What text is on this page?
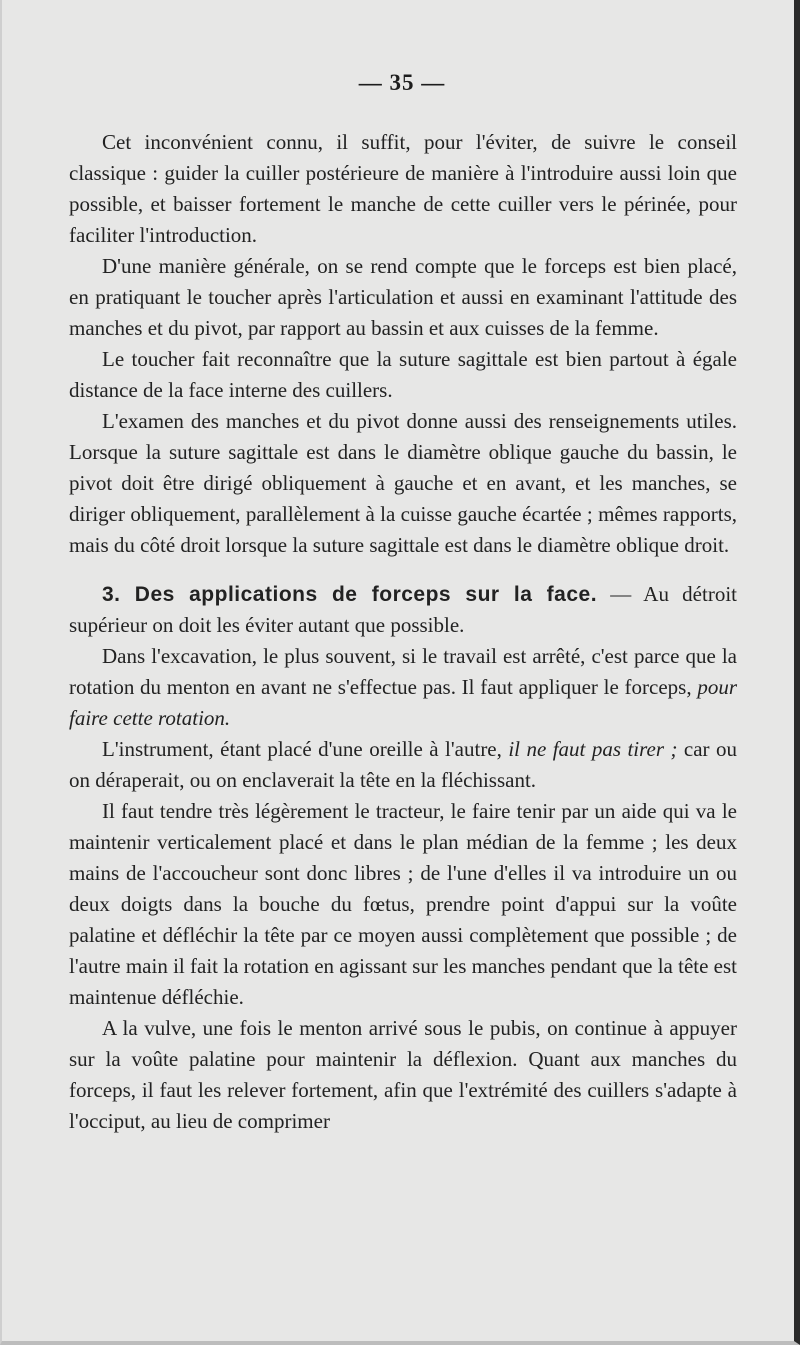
— 35 —

Cet inconvénient connu, il suffit, pour l'éviter, de suivre le conseil classique : guider la cuiller postérieure de manière à l'introduire aussi loin que possible, et baisser fortement le manche de cette cuiller vers le périnée, pour faciliter l'introduction.

D'une manière générale, on se rend compte que le forceps est bien placé, en pratiquant le toucher après l'articulation et aussi en examinant l'attitude des manches et du pivot, par rapport au bassin et aux cuisses de la femme.

Le toucher fait reconnaître que la suture sagittale est bien partout à égale distance de la face interne des cuillers.

L'examen des manches et du pivot donne aussi des renseignements utiles. Lorsque la suture sagittale est dans le diamètre oblique gauche du bassin, le pivot doit être dirigé obliquement à gauche et en avant, et les manches, se diriger obliquement, parallèlement à la cuisse gauche écartée ; mêmes rapports, mais du côté droit lorsque la suture sagittale est dans le diamètre oblique droit.

3. Des applications de forceps sur la face. — Au détroit supérieur on doit les éviter autant que possible.

Dans l'excavation, le plus souvent, si le travail est arrêté, c'est parce que la rotation du menton en avant ne s'effectue pas. Il faut appliquer le forceps, pour faire cette rotation.

L'instrument, étant placé d'une oreille à l'autre, il ne faut pas tirer ; car ou on déraperait, ou on enclaverait la tête en la fléchissant.

Il faut tendre très légèrement le tracteur, le faire tenir par un aide qui va le maintenir verticalement placé et dans le plan médian de la femme ; les deux mains de l'accoucheur sont donc libres ; de l'une d'elles il va introduire un ou deux doigts dans la bouche du fœtus, prendre point d'appui sur la voûte palatine et défléchir la tête par ce moyen aussi complètement que possible ; de l'autre main il fait la rotation en agissant sur les manches pendant que la tête est maintenue défléchie.

A la vulve, une fois le menton arrivé sous le pubis, on continue à appuyer sur la voûte palatine pour maintenir la déflexion. Quant aux manches du forceps, il faut les relever fortement, afin que l'extrémité des cuillers s'adapte à l'occiput, au lieu de comprimer
